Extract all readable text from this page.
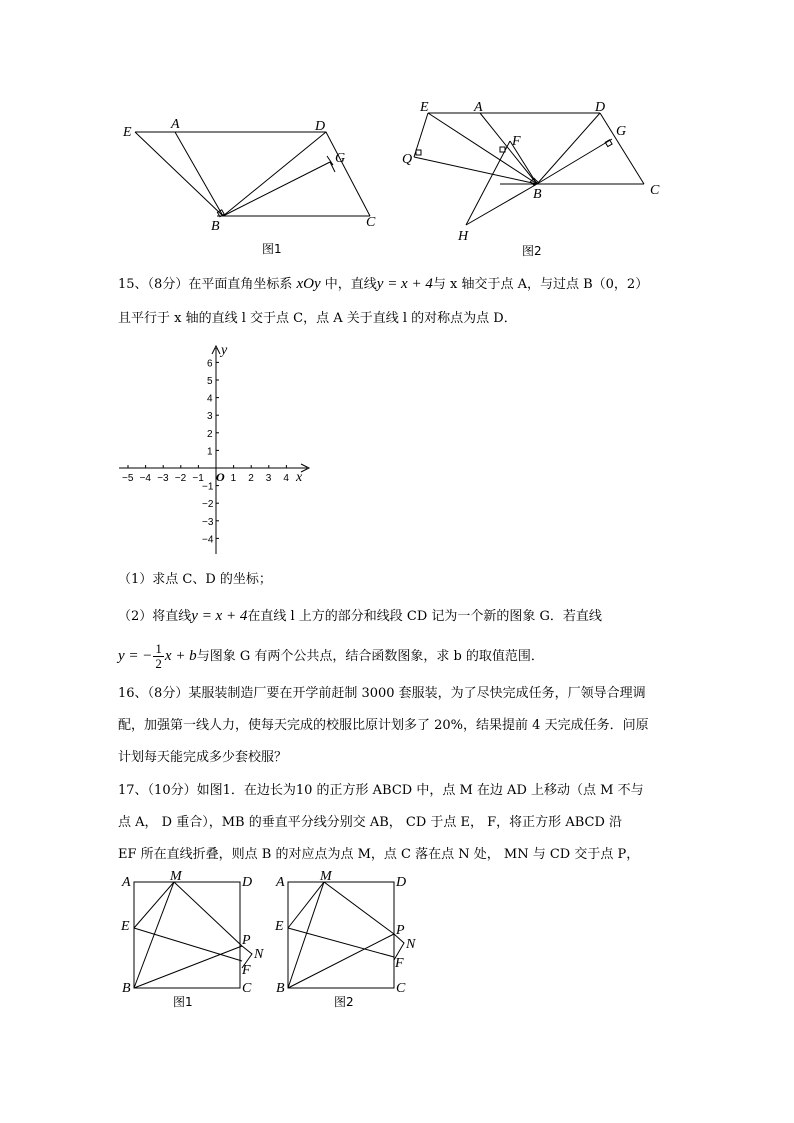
E
A	D
G
B	C
图1
E	A	D
G
F
Q
B	C
H
图2
15、（8分）在平面直角坐标系 xOy 中，直线y = x + 4与 x 轴交于点 A，与过点 B（0，2）
且平行于 x 轴的直线 l 交于点 C，点 A 关于直线 l 的对称点为点 D．
−5 −4 −3 −2 −1	1 2 3 4
6
5
4
3
2
1
−1
−2
−3
−4
x
y
O
（1）求点 C、D 的坐标；
（2）将直线y = x + 4在直线 l 上方的部分和线段 CD 记为一个新的图象 G．若直线
y = − $\frac{1}{2}$ x + b与图象 G 有两个公共点，结合函数图象，求 b 的取值范围．
16、（8分）某服装制造厂要在开学前赶制 3000 套服装，为了尽快完成任务，厂领导合理调
配，加强第一线人力，使每天完成的校服比原计划多了 20%，结果提前 4 天完成任务．问原
计划每天能完成多少套校服？
17、（10分）如图1．在边长为10 的正方形 ABCD 中，点 M 在边 AD 上移动（点 M 不与
点 A， D 重合），MB 的垂直平分线分别交 AB， CD 于点 E， F，将正方形 ABCD 沿
EF 所在直线折叠，则点 B 的对应点为点 M，点 C 落在点 N 处， MN 与 CD 交于点 P，
A	M	D
E
P
N
F
B	C
图1
A	M	D
E	P
N
F
B	C
图2
